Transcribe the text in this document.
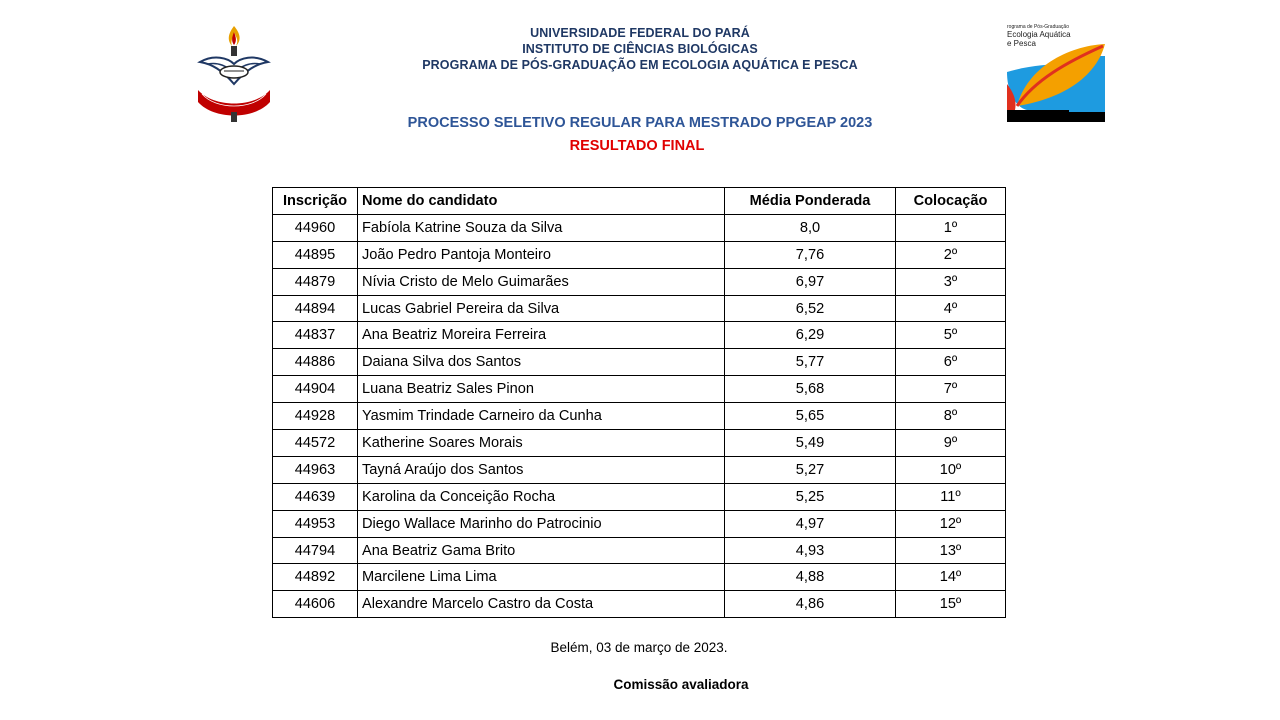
rograma de Pós-Graduação
Ecologia Aquática
e Pesca
UNIVERSIDADE FEDERAL DO PARÁ
INSTITUTO DE CIÊNCIAS BIOLÓGICAS
PROGRAMA DE PÓS-GRADUAÇÃO EM ECOLOGIA AQUÁTICA E PESCA
PROCESSO SELETIVO REGULAR PARA MESTRADO PPGEAP 2023
RESULTADO FINAL
Inscrição	Nome do candidato	Média Ponderada	Colocação
44960	Fabíola Katrine Souza da Silva	8,0	1º
44895	João Pedro Pantoja Monteiro	7,76	2º
44879	Nívia Cristo de Melo Guimarães	6,97	3º
44894	Lucas Gabriel Pereira da Silva	6,52	4º
44837	Ana Beatriz Moreira Ferreira	6,29	5º
44886	Daiana Silva dos Santos	5,77	6º
44904	Luana Beatriz Sales Pinon	5,68	7º
44928	Yasmim Trindade Carneiro da Cunha	5,65	8º
44572	Katherine Soares Morais	5,49	9º
44963	Tayná Araújo dos Santos	5,27	10º
44639	Karolina da Conceição Rocha	5,25	11º
44953	Diego Wallace Marinho do Patrocinio	4,97	12º
44794	Ana Beatriz Gama Brito	4,93	13º
44892	Marcilene Lima Lima	4,88	14º
44606	Alexandre Marcelo Castro da Costa	4,86	15º
Belém, 03 de março de 2023.
Comissão avaliadora
